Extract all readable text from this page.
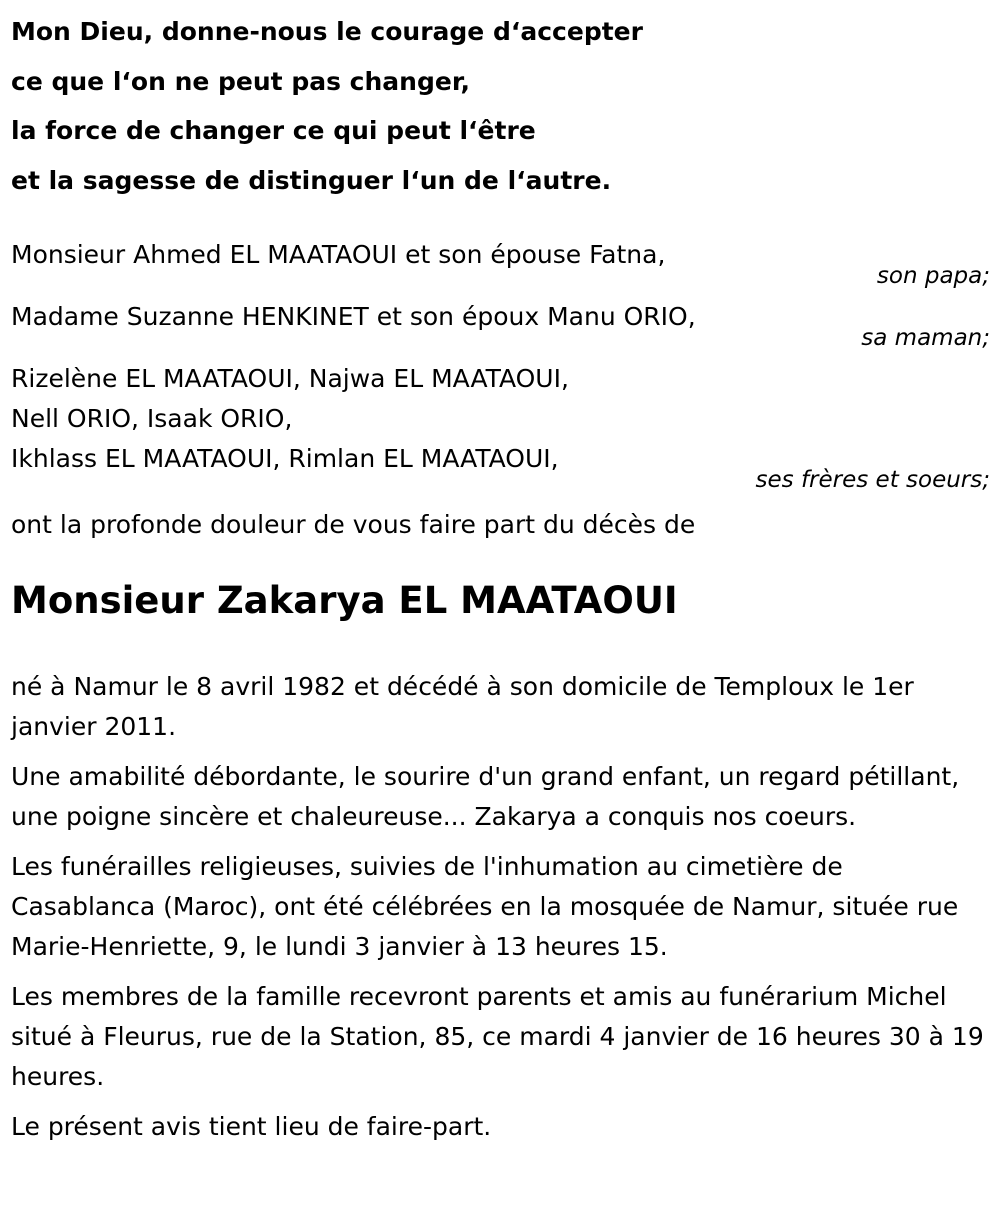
Mon Dieu, donne-nous le courage d‘accepter
ce que l‘on ne peut pas changer,
la force de changer ce qui peut l‘être
et la sagesse de distinguer l‘un de l‘autre.
Monsieur Ahmed EL MAATAOUI et son épouse Fatna,
son papa;
Madame Suzanne HENKINET et son époux Manu ORIO,
sa maman;
Rizelène EL MAATAOUI, Najwa EL MAATAOUI,
Nell ORIO, Isaak ORIO,
Ikhlass EL MAATAOUI, Rimlan EL MAATAOUI,
ses frères et soeurs;
ont la profonde douleur de vous faire part du décès de
Monsieur Zakarya EL MAATAOUI

né à Namur le 8 avril 1982 et décédé à son domicile de Temploux le 1er janvier 2011.

Une amabilité débordante, le sourire d'un grand enfant, un regard pétillant, une poigne sincère et chaleureuse... Zakarya a conquis nos coeurs.

Les funérailles religieuses, suivies de l'inhumation au cimetière de Casablanca (Maroc), ont été célébrées en la mosquée de Namur, située rue Marie-Henriette, 9, le lundi 3 janvier à 13 heures 15.

Les membres de la famille recevront parents et amis au funérarium Michel situé à Fleurus, rue de la Station, 85, ce mardi 4 janvier de 16 heures 30 à 19 heures.

Le présent avis tient lieu de faire-part.
